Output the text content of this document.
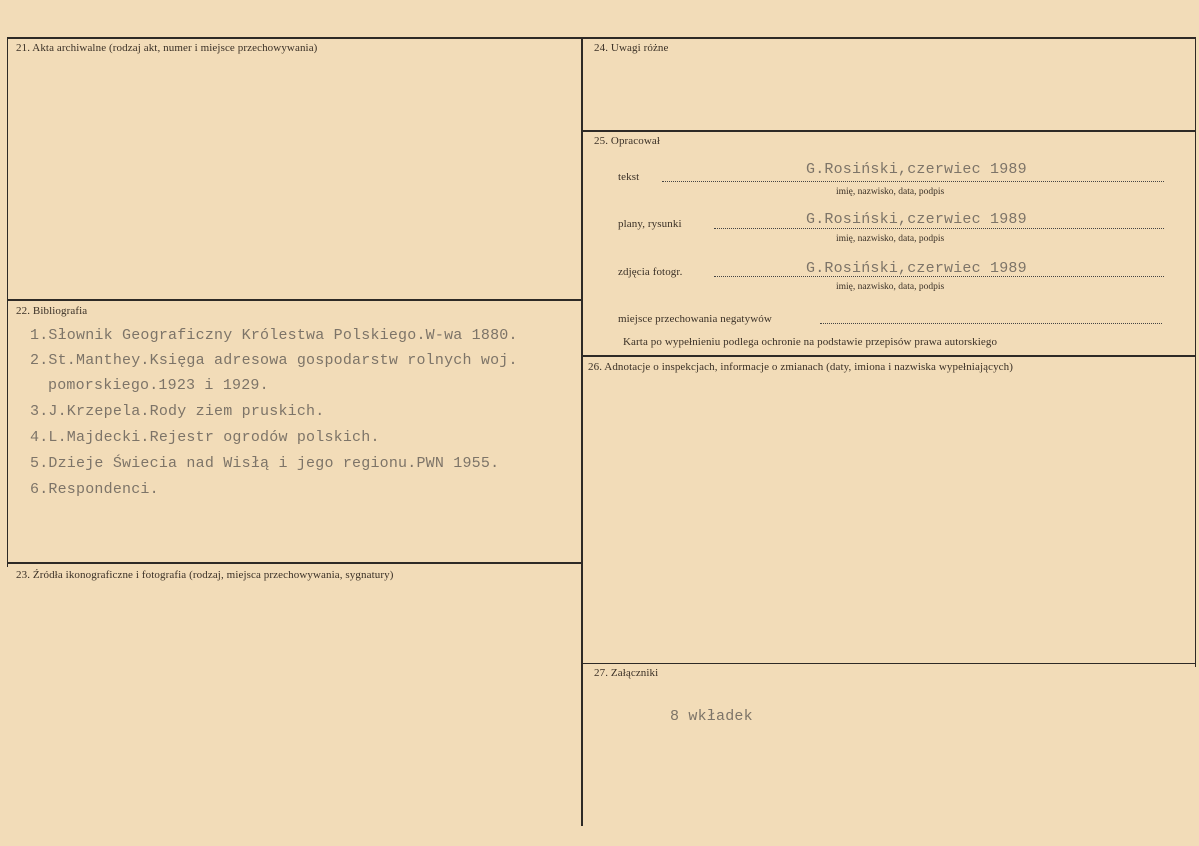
21. Akta archiwalne (rodzaj akt, numer i miejsce przechowywania)
22. Bibliografia
1.Słownik Geograficzny Królestwa Polskiego.W-wa 1880.
2.St.Manthey.Księga adresowa gospodarstw rolnych woj.
pomorskiego.1923 i 1929.
3.J.Krzepela.Rody ziem pruskich.
4.L.Majdecki.Rejestr ogrodów polskich.
5.Dzieje Świecia nad Wisłą i jego regionu.PWN 1955.
6.Respondenci.
23. Źródła ikonograficzne i fotografia (rodzaj, miejsca przechowywania, sygnatury)
24. Uwagi różne
25. Opracował
tekst	G.Rosiński,czerwiec 1989
imię, nazwisko, data, podpis
plany, rysunki	G.Rosiński,czerwiec 1989
imię, nazwisko, data, podpis
zdjęcia fotogr.	G.Rosiński,czerwiec 1989
imię, nazwisko, data, podpis
miejsce przechowania negatywów
Karta po wypełnieniu podlega ochronie na podstawie przepisów prawa autorskiego
26. Adnotacje o inspekcjach, informacje o zmianach (daty, imiona i nazwiska wypełniających)
27. Załączniki
8 wkładek
